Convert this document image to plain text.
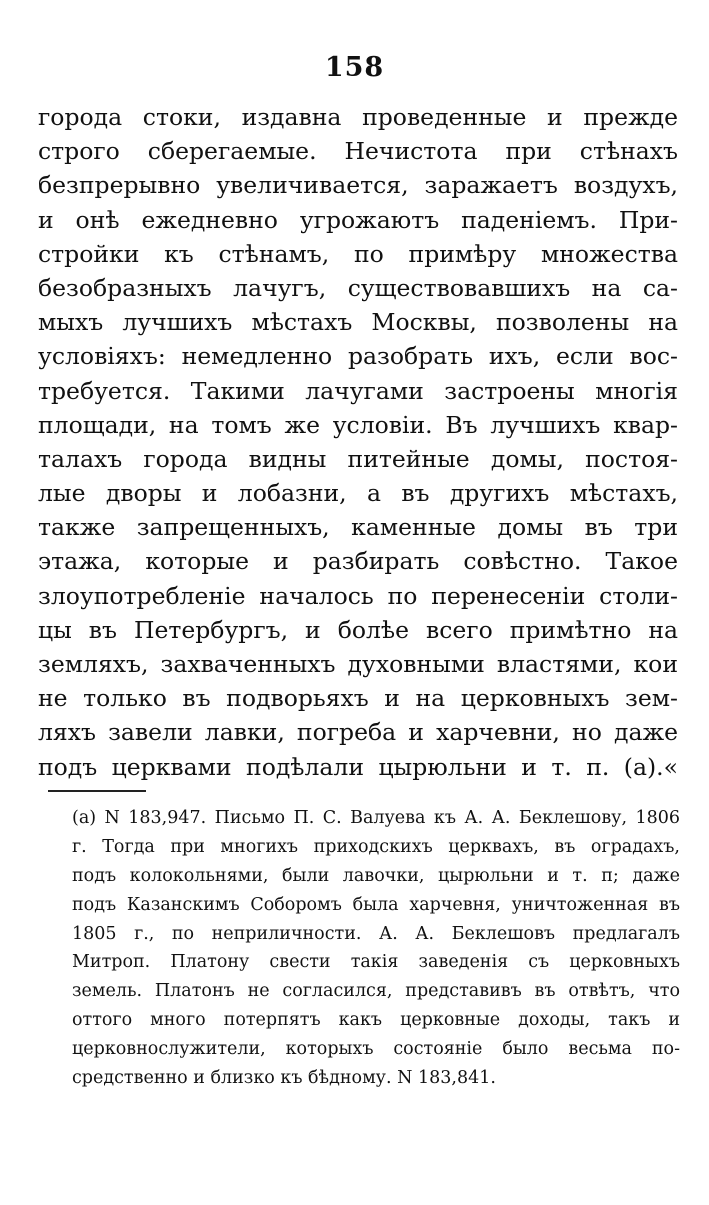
158
города стоки, издавна проведенные и прежде
строго сберегаемые. Нечистота при стѣнахъ
безпрерывно увеличивается, заражаетъ воздухъ,
и онѣ ежедневно угрожаютъ паденіемъ. При-
стройки къ стѣнамъ, по примѣру множества
безобразныхъ лачугъ, существовавшихъ на са-
мыхъ лучшихъ мѣстахъ Москвы, позволены на
условіяхъ: немедленно разобрать ихъ, если вос-
требуется. Такими лачугами застроены многія
площади, на томъ же условіи. Въ лучшихъ квар-
талахъ города видны питейные домы, постоя-
лые дворы и лобазни, а въ другихъ мѣстахъ,
также запрещенныхъ, каменные домы въ три
этажа, которые и разбирать совѣстно. Такое
злоупотребленіе началось по перенесеніи столи-
цы въ Петербургъ, и болѣе всего примѣтно на
земляхъ, захваченныхъ духовными властями, кои
не только въ подворьяхъ и на церковныхъ зем-
ляхъ завели лавки, погреба и харчевни, но даже
подъ церквами подѣлали цырюльни и т. п. (а).«
(а) N 183,947. Письмо П. С. Валуева къ А. А. Беклешову, 1806
г. Тогда при многихъ приходскихъ церквахъ, въ оградахъ,
подъ колокольнями, были лавочки, цырюльни и т. п; даже
подъ Казанскимъ Соборомъ была харчевня, уничтоженная въ
1805 г., по неприличности. А. А. Беклешовъ предлагалъ
Митроп. Платону свести такія заведенія съ церковныхъ
земель. Платонъ не согласился, представивъ въ отвѣтъ, что
оттого много потерпятъ какъ церковные доходы, такъ и
церковнослужители, которыхъ состояніе было весьма по-
средственно и близко къ бѣдному. N 183,841.
